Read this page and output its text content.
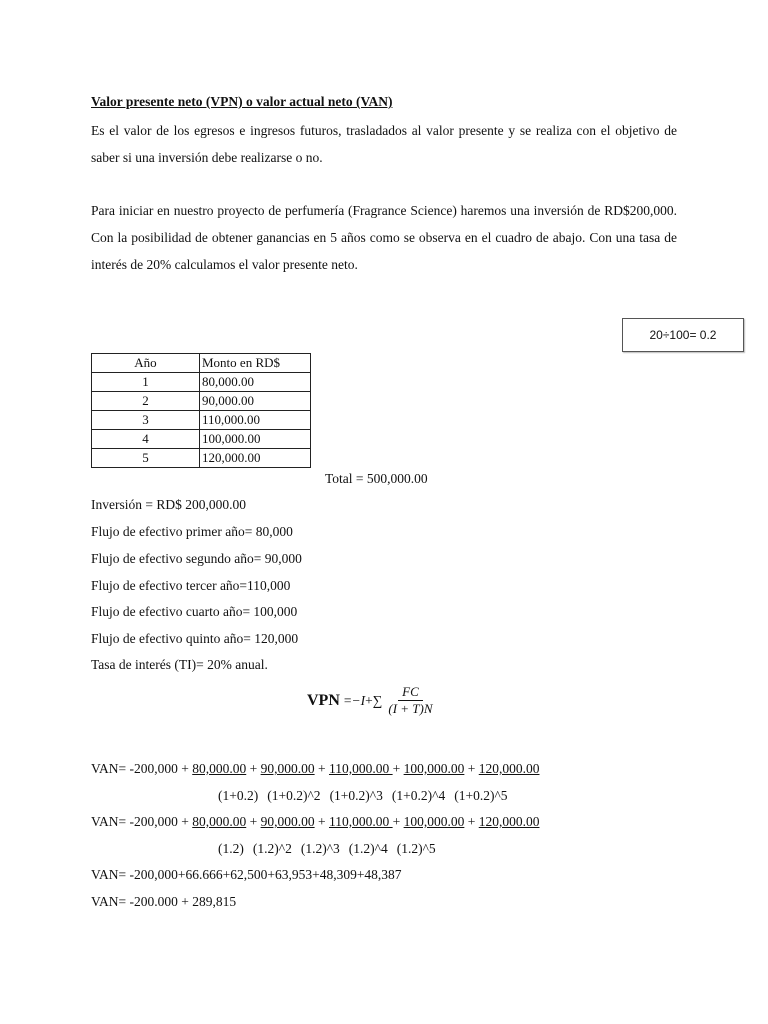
Valor presente neto (VPN) o valor actual neto (VAN)
Es el valor de los egresos e ingresos futuros, trasladados al valor presente y se realiza con el objetivo de saber si una inversión debe realizarse o no.
Para iniciar en nuestro proyecto de perfumería (Fragrance Science) haremos una inversión de RD$200,000. Con la posibilidad de obtener ganancias en 5 años como se observa en el cuadro de abajo. Con una tasa de interés de 20% calculamos el valor presente neto.
20÷100= 0.2
Año	Monto en RD$
1	80,000.00
2	90,000.00
3	110,000.00
4	100,000.00
5	120,000.00
Total = 500,000.00
Inversión = RD$ 200,000.00
Flujo de efectivo primer año= 80,000
Flujo de efectivo segundo año= 90,000
Flujo de efectivo tercer año=110,000
Flujo de efectivo cuarto año= 100,000
Flujo de efectivo quinto año= 120,000
Tasa de interés (TI)= 20% anual.
VPN = −I + ∑ $\frac{FC}{(I + T)N}$
VAN= -200,000 + 80,000.00 + 90,000.00 + 110,000.00 + 100,000.00 + 120,000.00
(1+0.2) (1+0.2)^2 (1+0.2)^3 (1+0.2)^4 (1+0.2)^5
VAN= -200,000 + 80,000.00 + 90,000.00 + 110,000.00 + 100,000.00 + 120,000.00
(1.2) (1.2)^2 (1.2)^3 (1.2)^4 (1.2)^5
VAN= -200,000+66.666+62,500+63,953+48,309+48,387
VAN= -200.000 + 289,815
